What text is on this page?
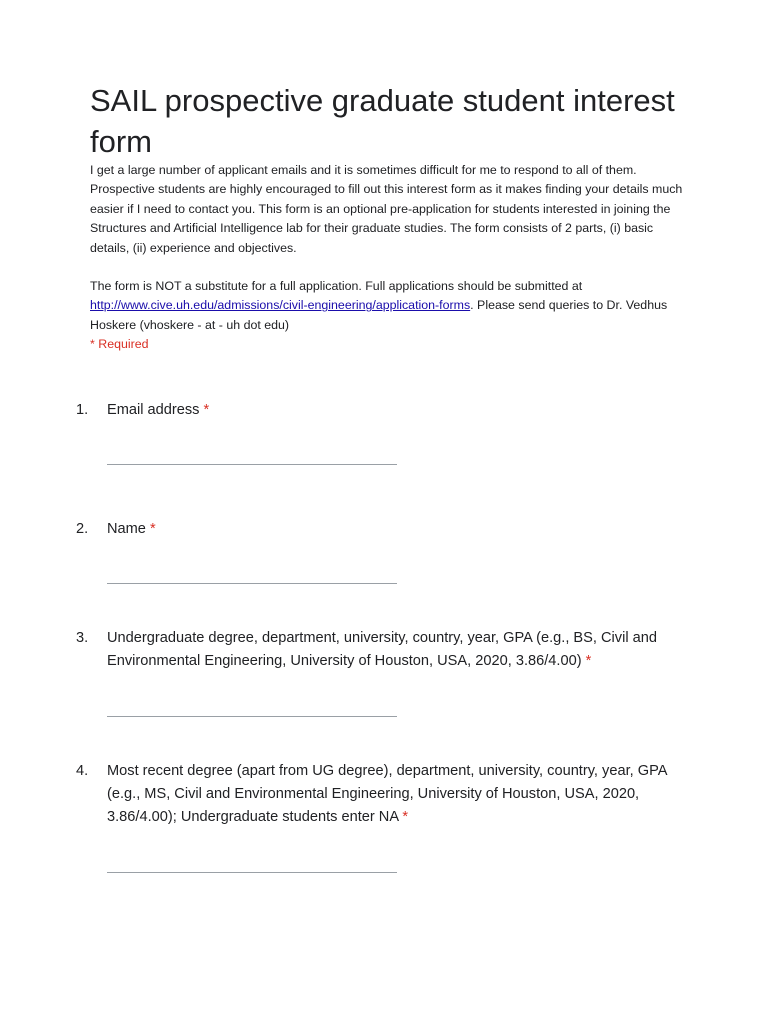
SAIL prospective graduate student interest form

I get a large number of applicant emails and it is sometimes difficult for me to respond to all of them. Prospective students are highly encouraged to fill out this interest form as it makes finding your details much easier if I need to contact you. This form is an optional pre-application for students interested in joining the Structures and Artificial Intelligence lab for their graduate studies. The form consists of 2 parts, (i) basic details, (ii) experience and objectives.

The form is NOT a substitute for a full application. Full applications should be submitted at http://www.cive.uh.edu/admissions/civil-engineering/application-forms. Please send queries to Dr. Vedhus Hoskere (vhoskere - at - uh dot edu)

* Required
1. Email address *
2. Name *
3. Undergraduate degree, department, university, country, year, GPA (e.g., BS, Civil and Environmental Engineering, University of Houston, USA, 2020, 3.86/4.00) *
4. Most recent degree (apart from UG degree), department, university, country, year, GPA (e.g., MS, Civil and Environmental Engineering, University of Houston, USA, 2020, 3.86/4.00); Undergraduate students enter NA *
